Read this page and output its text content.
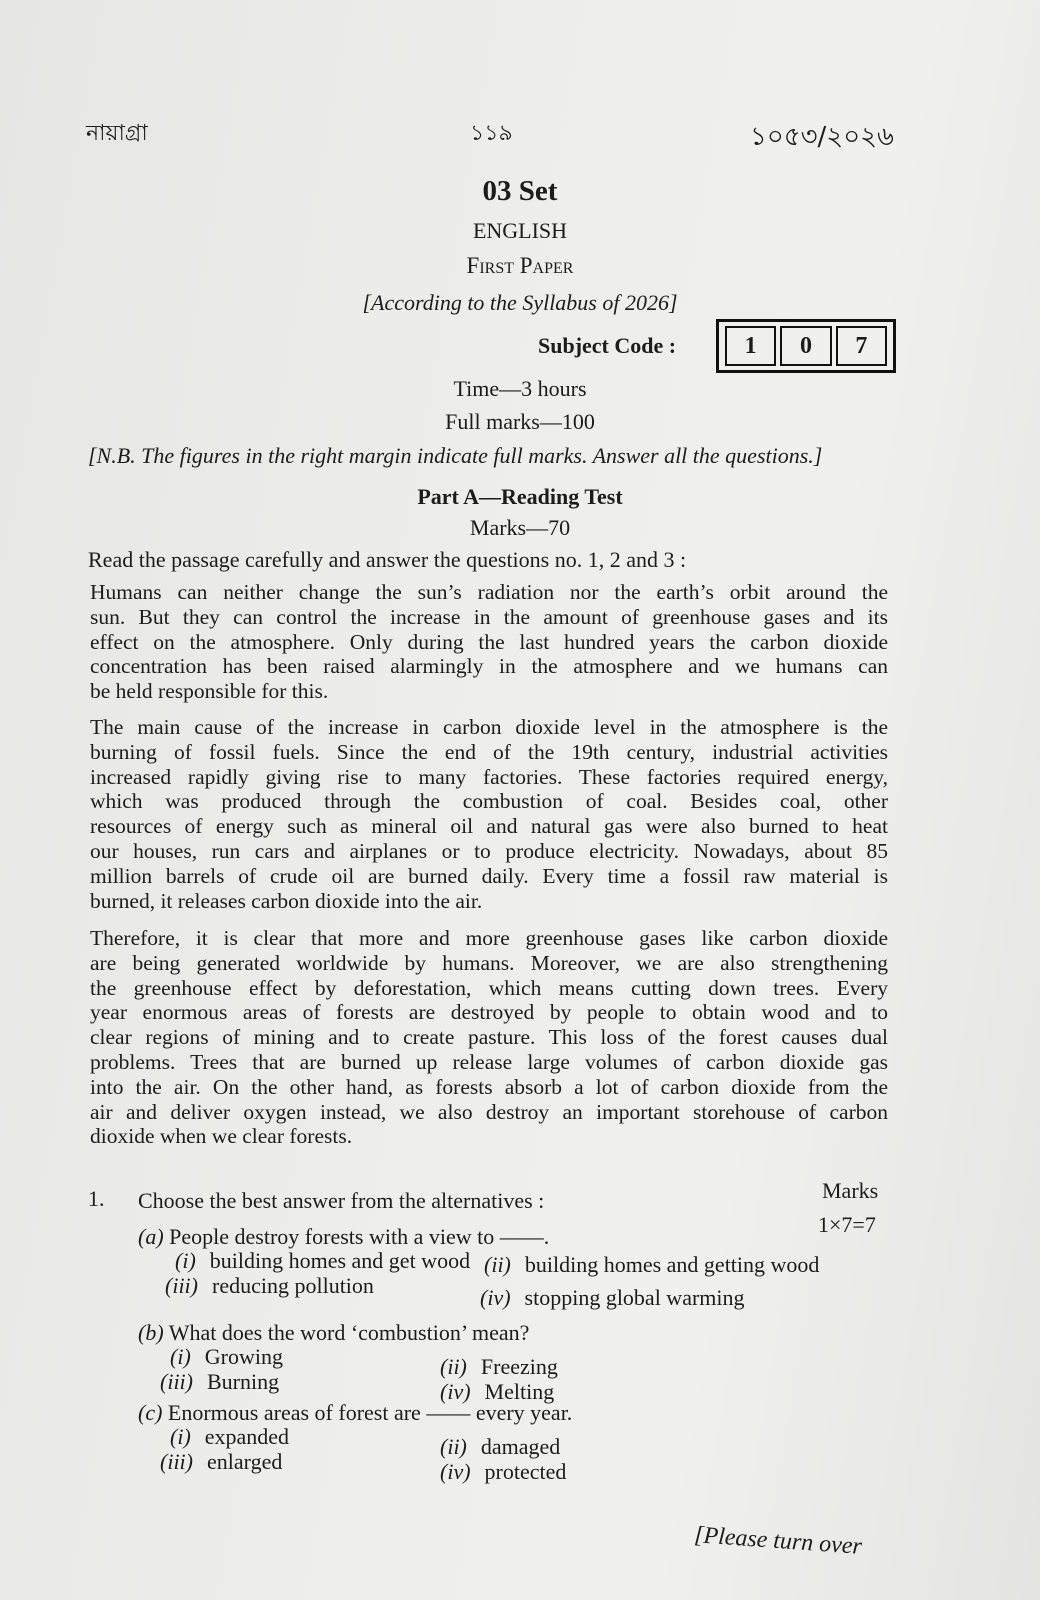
নায়াগ্রা	১১৯	১০৫৩/২০২৬
03 Set
ENGLISH
First Paper
[According to the Syllabus of 2026]
Subject Code :	1	0	7
Time—3 hours
Full marks—100
[N.B. The figures in the right margin indicate full marks. Answer all the questions.]
Part A—Reading Test
Marks—70
Read the passage carefully and answer the questions no. 1, 2 and 3 :
Humans can neither change the sun’s radiation nor the earth’s orbit around the
sun. But they can control the increase in the amount of greenhouse gases and its
effect on the atmosphere. Only during the last hundred years the carbon dioxide
concentration has been raised alarmingly in the atmosphere and we humans can
be held responsible for this.
The main cause of the increase in carbon dioxide level in the atmosphere is the
burning of fossil fuels. Since the end of the 19th century, industrial activities
increased rapidly giving rise to many factories. These factories required energy,
which was produced through the combustion of coal. Besides coal, other
resources of energy such as mineral oil and natural gas were also burned to heat
our houses, run cars and airplanes or to produce electricity. Nowadays, about 85
million barrels of crude oil are burned daily. Every time a fossil raw material is
burned, it releases carbon dioxide into the air.
Therefore, it is clear that more and more greenhouse gases like carbon dioxide
are being generated worldwide by humans. Moreover, we are also strengthening
the greenhouse effect by deforestation, which means cutting down trees. Every
year enormous areas of forests are destroyed by people to obtain wood and to
clear regions of mining and to create pasture. This loss of the forest causes dual
problems. Trees that are burned up release large volumes of carbon dioxide gas
into the air. On the other hand, as forests absorb a lot of carbon dioxide from the
air and deliver oxygen instead, we also destroy an important storehouse of carbon
dioxide when we clear forests.
1. Choose the best answer from the alternatives :	Marks
1×7=7
(a) People destroy forests with a view to ——.
(i) building homes and get wood (ii) building homes and getting wood
(iii) reducing pollution	(iv) stopping global warming
(b) What does the word ‘combustion’ mean?
(i) Growing	(ii) Freezing
(iii) Burning	(iv) Melting
(c) Enormous areas of forest are —— every year.
(i) expanded	(ii) damaged
(iii) enlarged	(iv) protected
[Please turn over
